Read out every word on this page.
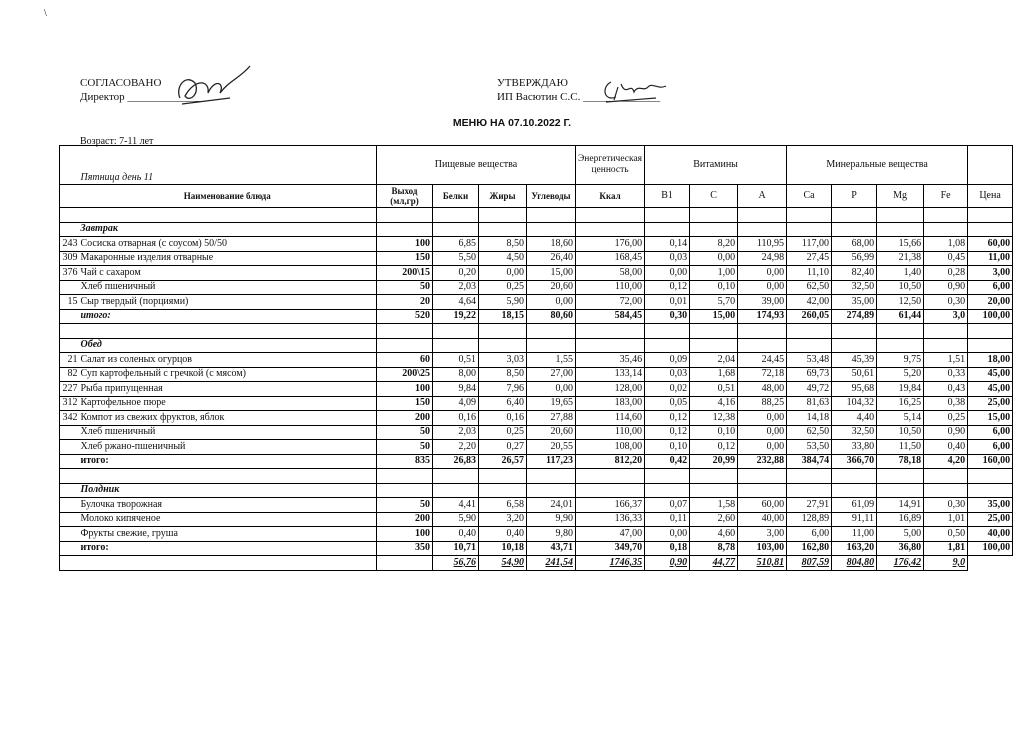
\
СОГЛАСОВАНО
Директор ______________
УТВЕРЖДАЮ
ИП Васютин С.С. ______________
МЕНЮ НА 07.10.2022 Г.
Возраст: 7-11 лет
	Пятница день 11	Пищевые вещества				Энергетическая ценность	Витамины			Минеральные вещества				
	Наименование блюда	Выход (мл,гр)	Белки	Жиры	Углеводы	Ккал	В1	С	А	Са	Р	Mg	Fe	Цена

	Завтрак													
243	Сосиска отварная (с соусом) 50/50	100	6,85	8,50	18,60	176,00	0,14	8,20	110,95	117,00	68,00	15,66	1,08	60,00
309	Макаронные изделия отварные	150	5,50	4,50	26,40	168,45	0,03	0,00	24,98	27,45	56,99	21,38	0,45	11,00
376	Чай с сахаром	200\15	0,20	0,00	15,00	58,00	0,00	1,00	0,00	11,10	82,40	1,40	0,28	3,00
	Хлеб пшеничный	50	2,03	0,25	20,60	110,00	0,12	0,10	0,00	62,50	32,50	10,50	0,90	6,00
15	Сыр твердый (порциями)	20	4,64	5,90	0,00	72,00	0,01	5,70	39,00	42,00	35,00	12,50	0,30	20,00
	итого:	520	19,22	18,15	80,60	584,45	0,30	15,00	174,93	260,05	274,89	61,44	3,0	100,00

	Обед													
21	Салат из соленых огурцов	60	0,51	3,03	1,55	35,46	0,09	2,04	24,45	53,48	45,39	9,75	1,51	18,00
82	Суп картофельный с гречкой (с мясом)	200\25	8,00	8,50	27,00	133,14	0,03	1,68	72,18	69,73	50,61	5,20	0,33	45,00
227	Рыба припущенная	100	9,84	7,96	0,00	128,00	0,02	0,51	48,00	49,72	95,68	19,84	0,43	45,00
312	Картофельное пюре	150	4,09	6,40	19,65	183,00	0,05	4,16	88,25	81,63	104,32	16,25	0,38	25,00
342	Компот из свежих фруктов, яблок	200	0,16	0,16	27,88	114,60	0,12	12,38	0,00	14,18	4,40	5,14	0,25	15,00
	Хлеб пшеничный	50	2,03	0,25	20,60	110,00	0,12	0,10	0,00	62,50	32,50	10,50	0,90	6,00
	Хлеб ржано-пшеничный	50	2,20	0,27	20,55	108,00	0,10	0,12	0,00	53,50	33,80	11,50	0,40	6,00
	итого:	835	26,83	26,57	117,23	812,20	0,42	20,99	232,88	384,74	366,70	78,18	4,20	160,00

	Полдник													
	Булочка творожная	50	4,41	6,58	24,01	166,37	0,07	1,58	60,00	27,91	61,09	14,91	0,30	35,00
	Молоко кипяченое	200	5,90	3,20	9,90	136,33	0,11	2,60	40,00	128,89	91,11	16,89	1,01	25,00
	Фрукты свежие, груша	100	0,40	0,40	9,80	47,00	0,00	4,60	3,00	6,00	11,00	5,00	0,50	40,00
	итого:	350	10,71	10,18	43,71	349,70	0,18	8,78	103,00	162,80	163,20	36,80	1,81	100,00
			56,76	54,90	241,54	1746,35	0,90	44,77	510,81	807,59	804,80	176,42	9,0	
